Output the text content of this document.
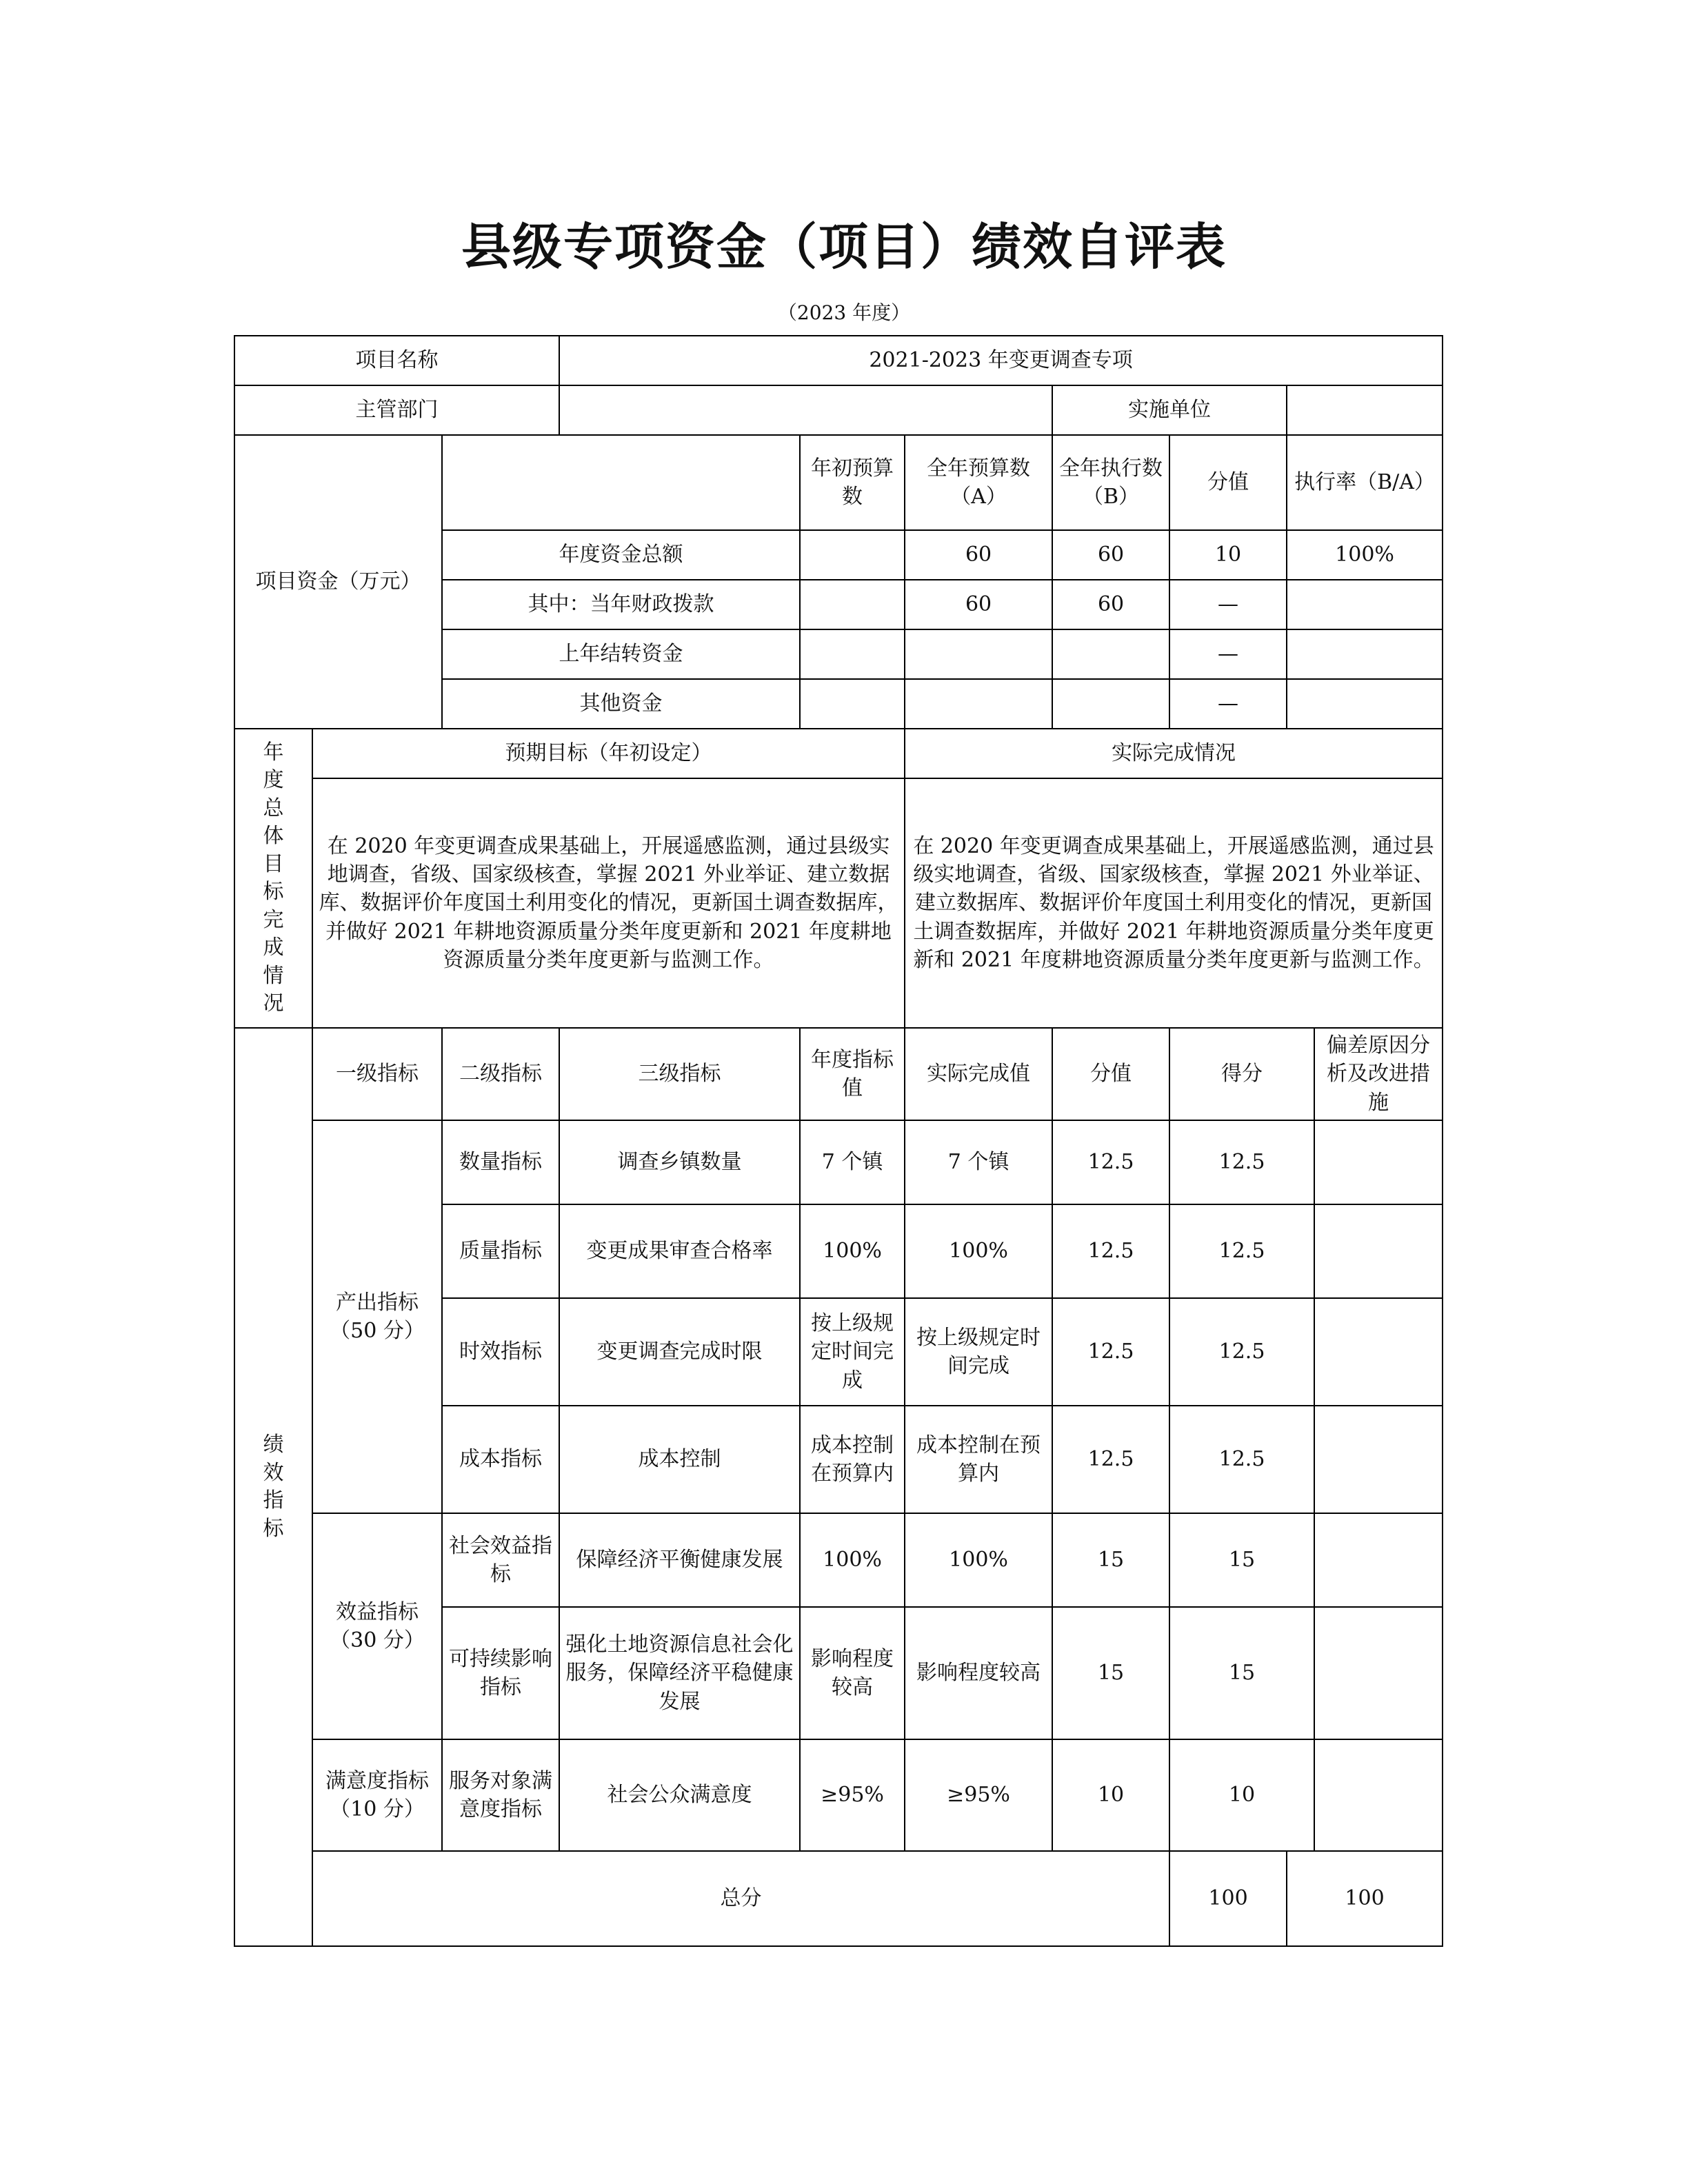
县级专项资金（项目）绩效自评表
（2023 年度）
项目名称			2021-2023 年变更调查专项							
主管部门						实施单位				
项目资金（万元）				年初预算数	全年预算数（A）	全年执行数（B）	分值	执行率（B/A）	
		年度资金总额			60	60	10	100%	
		其中：当年财政拨款			60	60	—		
		上年结转资金					—		
		其他资金					—		
年度总体目标完成情况	预期目标（年初设定）				实际完成情况					
	在 2020 年变更调查成果基础上，开展遥感监测，通过县级实地调查，省级、国家级核查，掌握 2021 外业举证、建立数据库、数据评价年度国土利用变化的情况，更新国土调查数据库，并做好 2021 年耕地资源质量分类年度更新和 2021 年度耕地资源质量分类年度更新与监测工作。				在 2020 年变更调查成果基础上，开展遥感监测，通过县级实地调查，省级、国家级核查，掌握 2021 外业举证、建立数据库、数据评价年度国土利用变化的情况，更新国土调查数据库，并做好 2021 年耕地资源质量分类年度更新和 2021 年度耕地资源质量分类年度更新与监测工作。					
绩效指标	一级指标	二级指标	三级指标	年度指标值	实际完成值	分值	得分		偏差原因分析及改进措施	
	产出指标（50 分）	数量指标	调查乡镇数量	7 个镇	7 个镇	12.5	12.5			
		质量指标	变更成果审查合格率	100%	100%	12.5	12.5			
		时效指标	变更调查完成时限	按上级规定时间完成	按上级规定时间完成	12.5	12.5			
		成本指标	成本控制	成本控制在预算内	成本控制在预算内	12.5	12.5			
	效益指标（30 分）	社会效益指标	保障经济平衡健康发展	100%	100%	15	15			
		可持续影响指标	强化土地资源信息社会化服务，保障经济平稳健康发展	影响程度较高	影响程度较高	15	15			
	满意度指标（10 分）	服务对象满意度指标	社会公众满意度	≥95%	≥95%	10	10			
	总分						100	100		
